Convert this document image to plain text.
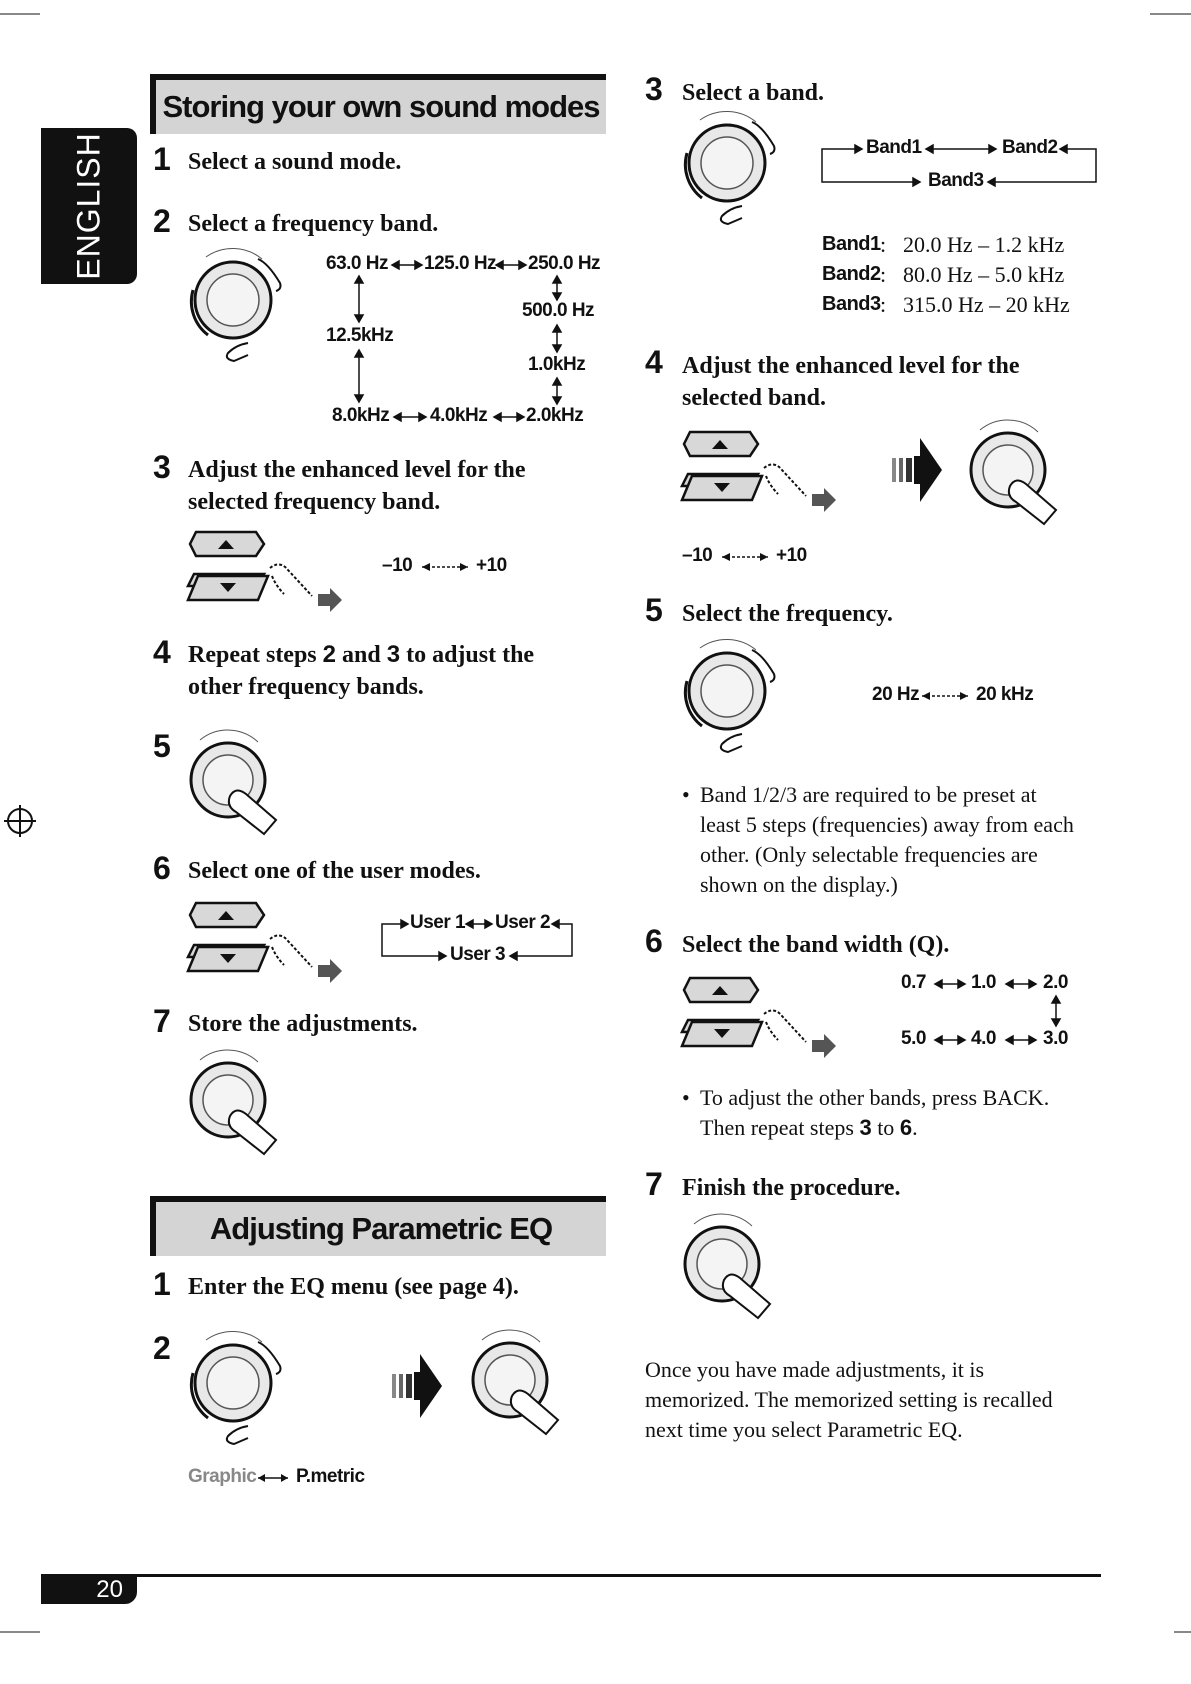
ENGLISH
Storing your own sound modes
1 Select a sound mode.
2 Select a frequency band.
63.0 Hz 125.0 Hz 250.0 Hz
500.0 Hz
12.5kHz
1.0kHz
8.0kHz 4.0kHz 2.0kHz
3 Adjust the enhanced level for the
selected frequency band.
–10	+10
4 Repeat steps 2 and 3 to adjust the
other frequency bands.
5
6 Select one of the user modes.
User 1 User 2
User 3
7 Store the adjustments.
Adjusting Parametric EQ
1 Enter the EQ menu (see page 4).
2
Graphic P.metric
3 Select a band.
Band1	Band2
Band3
Band1 : 20.0 Hz – 1.2 kHz
Band2 : 80.0 Hz – 5.0 kHz
Band3 : 315.0 Hz – 20 kHz
4 Adjust the enhanced level for the
selected band.
–10	+10
5 Select the frequency.
20 Hz	20 kHz
• Band 1/2/3 are required to be preset at
least 5 steps (frequencies) away from each
other. (Only selectable frequencies are
shown on the display.)
6 Select the band width (Q).
0.7 1.0 2.0
5.0 4.0 3.0
• To adjust the other bands, press BACK.
Then repeat steps 3 to 6.
7 Finish the procedure.
Once you have made adjustments, it is
memorized. The memorized setting is recalled
next time you select Parametric EQ.
20
